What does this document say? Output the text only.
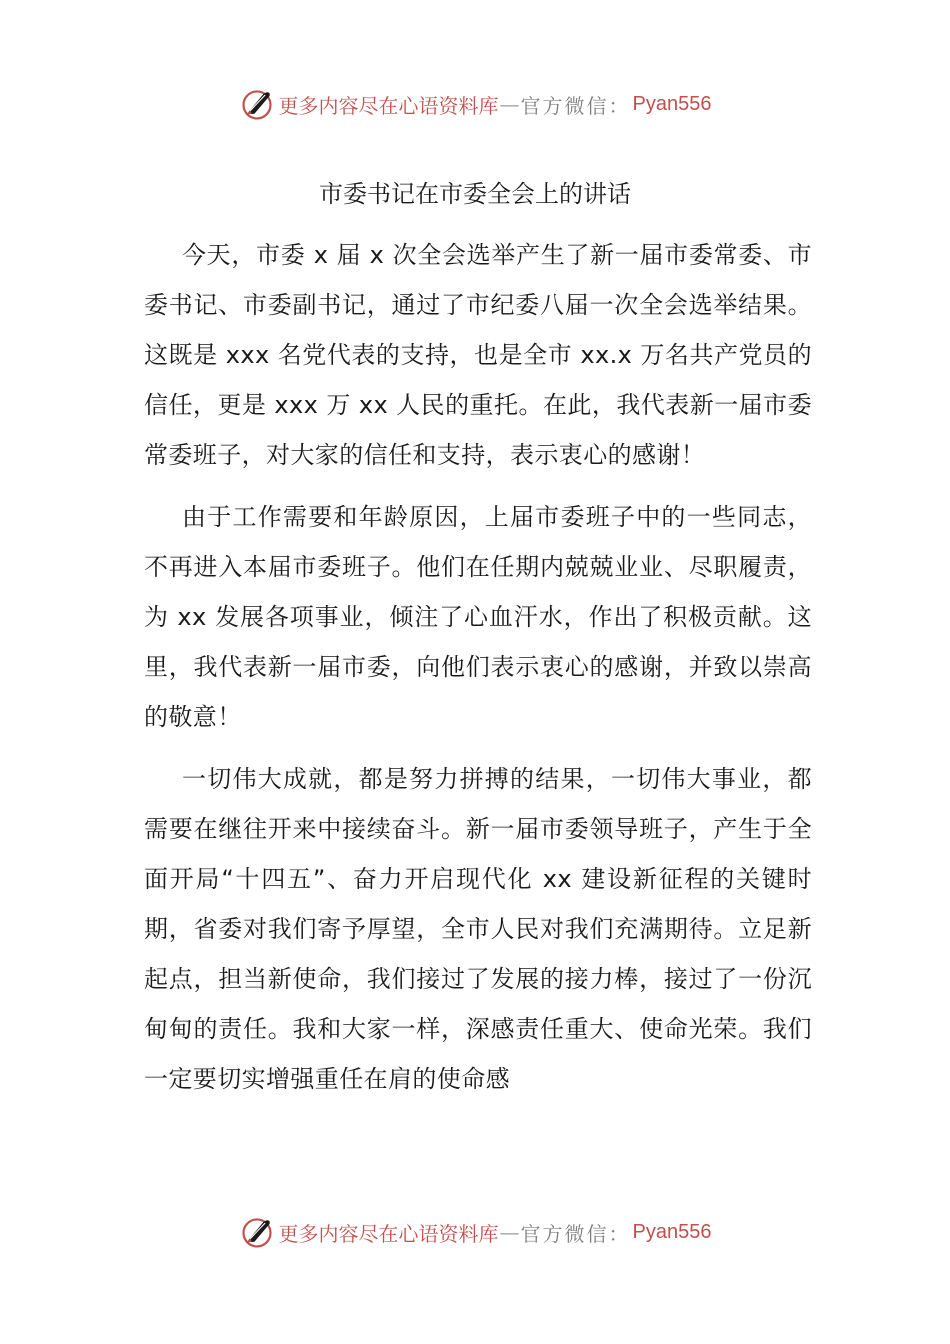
更多内容尽在心语资料库 — 官方微信： Pyan556
市委书记在市委全会上的讲话

今天，市委 x 届 x 次全会选举产生了新一届市委常委、市委书记、市委副书记，通过了市纪委八届一次全会选举结果。这既是 xxx 名党代表的支持，也是全市 xx.x 万名共产党员的信任，更是 xxx 万 xx 人民的重托。在此，我代表新一届市委常委班子，对大家的信任和支持，表示衷心的感谢！

由于工作需要和年龄原因，上届市委班子中的一些同志，不再进入本届市委班子。他们在任期内兢兢业业、尽职履责，为 xx 发展各项事业，倾注了心血汗水，作出了积极贡献。这里，我代表新一届市委，向他们表示衷心的感谢，并致以崇高的敬意！

一切伟大成就，都是努力拼搏的结果，一切伟大事业，都需要在继往开来中接续奋斗。新一届市委领导班子，产生于全面开局“十四五”、奋力开启现代化 xx 建设新征程的关键时期，省委对我们寄予厚望，全市人民对我们充满期待。立足新起点，担当新使命，我们接过了发展的接力棒，接过了一份沉甸甸的责任。我和大家一样，深感责任重大、使命光荣。我们一定要切实增强重任在肩的使命感

更多内容尽在心语资料库 — 官方微信： Pyan556
